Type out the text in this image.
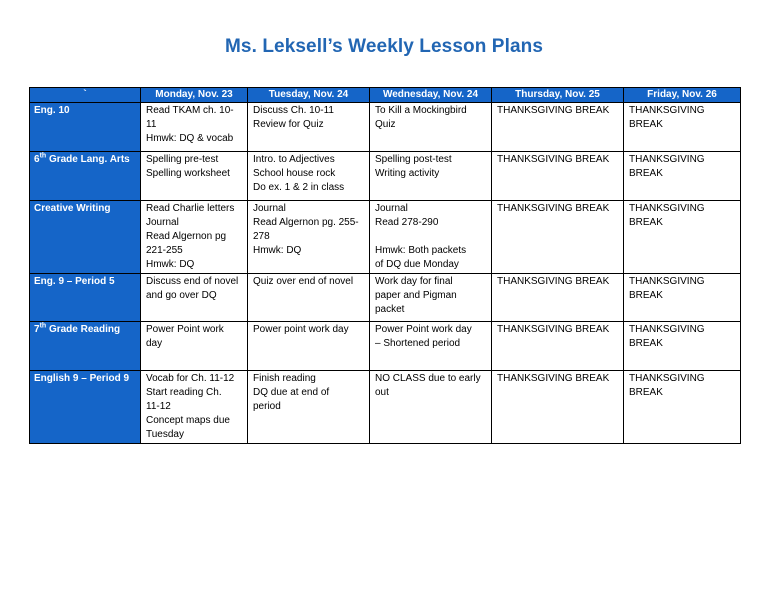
Ms. Leksell’s Weekly Lesson Plans
`	Monday, Nov. 23	Tuesday, Nov. 24	Wednesday, Nov. 24	Thursday, Nov. 25	Friday, Nov. 26
Eng. 10	Read TKAM ch. 10-
11
Hmwk: DQ & vocab	Discuss Ch. 10-11
Review for Quiz	To Kill a Mockingbird
Quiz	THANKSGIVING BREAK	THANKSGIVING
BREAK
6th Grade Lang. Arts	Spelling pre-test
Spelling worksheet	Intro. to Adjectives
School house rock
Do ex. 1 & 2 in class	Spelling post-test
Writing activity	THANKSGIVING BREAK	THANKSGIVING
BREAK
Creative Writing	Read Charlie letters
Journal
Read Algernon pg
221-255
Hmwk: DQ	Journal
Read Algernon pg. 255-
278
Hmwk: DQ	Journal
Read 278-290

Hmwk: Both packets
of DQ due Monday	THANKSGIVING BREAK	THANKSGIVING
BREAK
Eng. 9 – Period 5	Discuss end of novel
and go over DQ	Quiz over end of novel	Work day for final
paper and Pigman
packet	THANKSGIVING BREAK	THANKSGIVING
BREAK
7th Grade Reading	Power Point work
day	Power point work day	Power Point work day
– Shortened period	THANKSGIVING BREAK	THANKSGIVING
BREAK
English 9 – Period 9	Vocab for Ch. 11-12
Start reading Ch.
11-12
Concept maps due
Tuesday	Finish reading
DQ due at end of
period	NO CLASS due to early
out	THANKSGIVING BREAK	THANKSGIVING
BREAK
